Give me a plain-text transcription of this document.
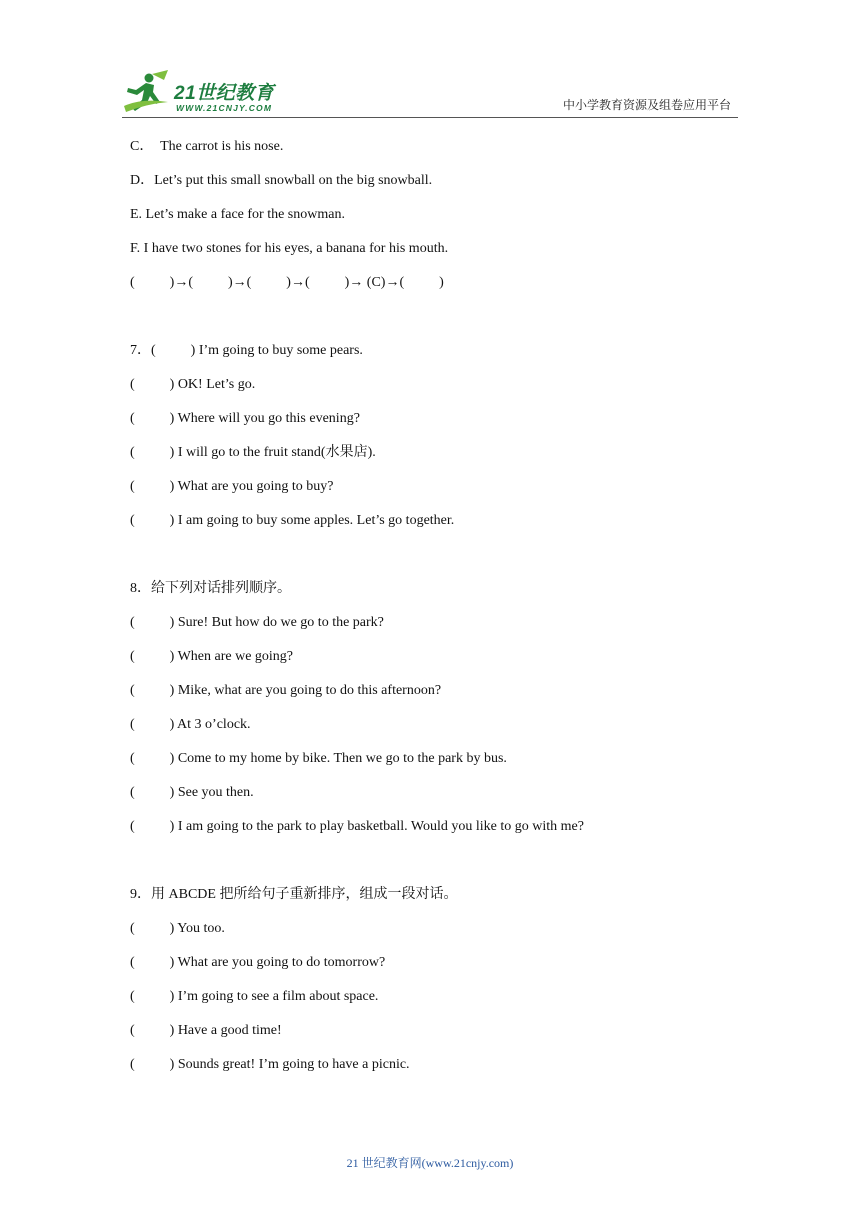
21世纪教育
WWW.21CNJY.COM	中小学教育资源及组卷应用平台
C．  The carrot is his nose.
D．Let’s put this small snowball on the big snowball.
E. Let’s make a face for the snowman.
F. I have two stones for his eyes, a banana for his mouth.
(          )→(          )→(          )→(          )→ (C)→(          )
7．(          ) I’m going to buy some pears.
(          ) OK! Let’s go.
(          ) Where will you go this evening?
(          ) I will go to the fruit stand(水果店).
(          ) What are you going to buy?
(          ) I am going to buy some apples. Let’s go together.
8．给下列对话排列顺序。
(          ) Sure! But how do we go to the park?
(          ) When are we going?
(          ) Mike, what are you going to do this afternoon?
(          ) At 3 o’clock.
(          ) Come to my home by bike. Then we go to the park by bus.
(          ) See you then.
(          ) I am going to the park to play basketball. Would you like to go with me?
9．用 ABCDE 把所给句子重新排序，组成一段对话。
(          ) You too.
(          ) What are you going to do tomorrow?
(          ) I’m going to see a film about space.
(          ) Have a good time!
(          ) Sounds great! I’m going to have a picnic.
21 世纪教育网(www.21cnjy.com)
